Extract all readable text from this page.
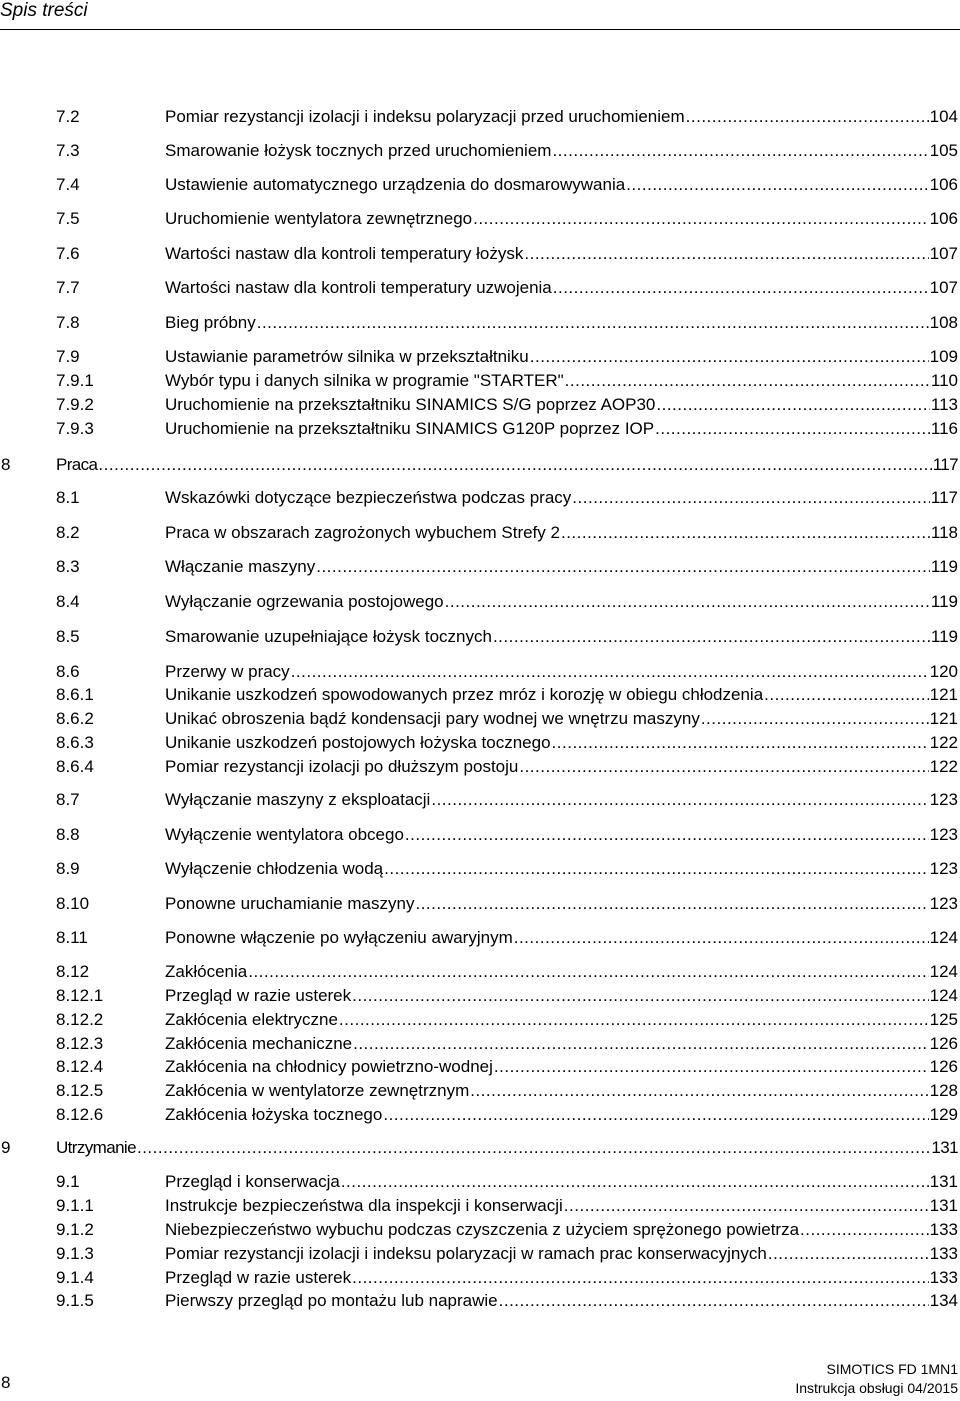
Spis treści
7.2	Pomiar rezystancji izolacji i indeksu polaryzacji przed uruchomieniem .....	104
7.3	Smarowanie łożysk tocznych przed uruchomieniem .....	105
7.4	Ustawienie automatycznego urządzenia do dosmarowywania .....	106
7.5	Uruchomienie wentylatora zewnętrznego .....	106
7.6	Wartości nastaw dla kontroli temperatury łożysk .....	107
7.7	Wartości nastaw dla kontroli temperatury uzwojenia .....	107
7.8	Bieg próbny .....	108
7.9	Ustawianie parametrów silnika w przekształtniku .....	109
7.9.1	Wybór typu i danych silnika w programie "STARTER" .....	110
7.9.2	Uruchomienie na przekształtniku SINAMICS S/G poprzez AOP30 .....	113
7.9.3	Uruchomienie na przekształtniku SINAMICS G120P poprzez IOP .....	116
8	Praca .....	117
8.1	Wskazówki dotyczące bezpieczeństwa podczas pracy .....	117
8.2	Praca w obszarach zagrożonych wybuchem Strefy 2 .....	118
8.3	Włączanie maszyny .....	119
8.4	Wyłączanie ogrzewania postojowego .....	119
8.5	Smarowanie uzupełniające łożysk tocznych .....	119
8.6	Przerwy w pracy .....	120
8.6.1	Unikanie uszkodzeń spowodowanych przez mróz i korozję w obiegu chłodzenia .....	121
8.6.2	Unikać obroszenia bądź kondensacji pary wodnej we wnętrzu maszyny .....	121
8.6.3	Unikanie uszkodzeń postojowych łożyska tocznego .....	122
8.6.4	Pomiar rezystancji izolacji po dłuższym postoju .....	122
8.7	Wyłączanie maszyny z eksploatacji .....	123
8.8	Wyłączenie wentylatora obcego .....	123
8.9	Wyłączenie chłodzenia wodą .....	123
8.10	Ponowne uruchamianie maszyny .....	123
8.11	Ponowne włączenie po wyłączeniu awaryjnym .....	124
8.12	Zakłócenia .....	124
8.12.1	Przegląd w razie usterek .....	124
8.12.2	Zakłócenia elektryczne .....	125
8.12.3	Zakłócenia mechaniczne .....	126
8.12.4	Zakłócenia na chłodnicy powietrzno-wodnej .....	126
8.12.5	Zakłócenia w wentylatorze zewnętrznym .....	128
8.12.6	Zakłócenia łożyska tocznego .....	129
9	Utrzymanie .....	131
9.1	Przegląd i konserwacja .....	131
9.1.1	Instrukcje bezpieczeństwa dla inspekcji i konserwacji .....	131
9.1.2	Niebezpieczeństwo wybuchu podczas czyszczenia z użyciem sprężonego powietrza .....	133
9.1.3	Pomiar rezystancji izolacji i indeksu polaryzacji w ramach prac konserwacyjnych .....	133
9.1.4	Przegląd w razie usterek .....	133
9.1.5	Pierwszy przegląd po montażu lub naprawie .....	134
8
SIMOTICS FD 1MN1
Instrukcja obsługi 04/2015
